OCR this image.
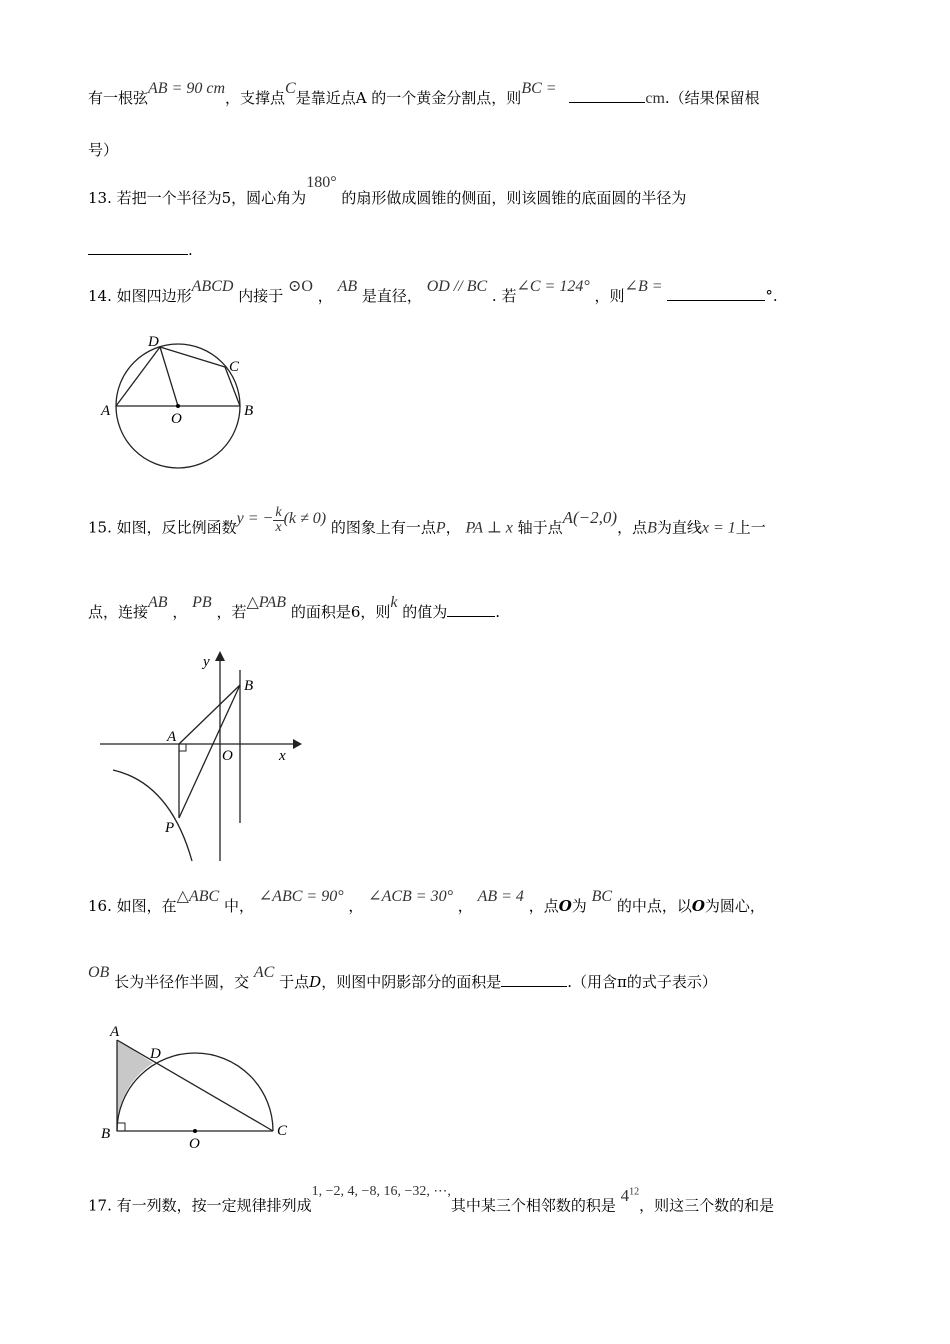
有一根弦AB = 90 cm，支撑点C是靠近点A 的一个黄金分割点，则BC = cm.（结果保留根
号）
13. 若把一个半径为5，圆心角为180° 的扇形做成圆锥的侧面，则该圆锥的底面圆的半径为
.
14. 如图四边形ABCD 内接于 ⊙O ， AB 是直径， OD // BC . 若∠C = 124° ，则∠B = °.
D
C
A	O	B
15. 如图，反比例函数y = − $\frac{k}{x} (k \ne 0)$ 的图象上有一点P， PA ⊥ x 轴于点A(−2,0)，点B为直线x = 1上一
点，连接AB ， PB ，若△PAB 的面积是6，则k 的值为	.
y
x
A
O
B
P
16. 如图，在△ABC 中， ∠ABC = 90° ， ∠ACB = 30° ， AB = 4 ，点O为 BC 的中点，以O为圆心，
OB 长为半径作半圆，交 AC 于点D，则图中阴影部分的面积是	.（用含π的式子表示）
A
D
B
O
C
17. 有一列数，按一定规律排列成1, −2, 4, −8, 16, −32, ⋯,其中某三个相邻数的积是 $4^{12}$，则这三个数的和是
